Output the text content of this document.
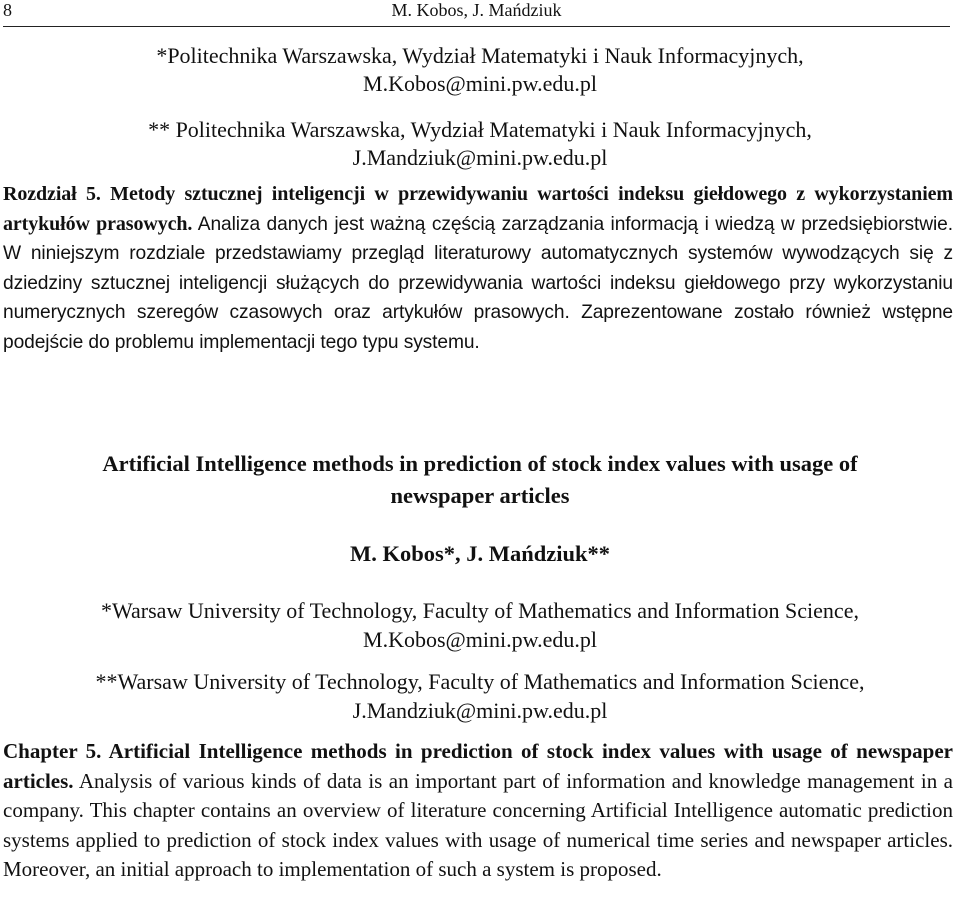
8	M. Kobos, J. Mańdziuk
*Politechnika Warszawska, Wydział Matematyki i Nauk Informacyjnych,
M.Kobos@mini.pw.edu.pl
** Politechnika Warszawska, Wydział Matematyki i Nauk Informacyjnych,
J.Mandziuk@mini.pw.edu.pl
Rozdział 5. Metody sztucznej inteligencji w przewidywaniu wartości indeksu giełdowego z wykorzystaniem artykułów prasowych. Analiza danych jest ważną częścią zarządzania informacją i wiedzą w przedsiębiorstwie. W niniejszym rozdziale przedstawiamy przegląd literaturowy automatycznych systemów wywodzących się z dziedziny sztucznej inteligencji służących do przewidywania wartości indeksu giełdowego przy wykorzystaniu numerycznych szeregów czasowych oraz artykułów prasowych. Zaprezentowane zostało również wstępne podejście do problemu implementacji tego typu systemu.
Artificial Intelligence methods in prediction of stock index values with usage of
newspaper articles
M. Kobos*, J. Mańdziuk**
*Warsaw University of Technology, Faculty of Mathematics and Information Science,
M.Kobos@mini.pw.edu.pl
**Warsaw University of Technology, Faculty of Mathematics and Information Science,
J.Mandziuk@mini.pw.edu.pl
Chapter 5. Artificial Intelligence methods in prediction of stock index values with usage of newspaper articles. Analysis of various kinds of data is an important part of information and knowledge management in a company. This chapter contains an overview of literature concerning Artificial Intelligence automatic prediction systems applied to prediction of stock index values with usage of numerical time series and newspaper articles. Moreover, an initial approach to implementation of such a system is proposed.
